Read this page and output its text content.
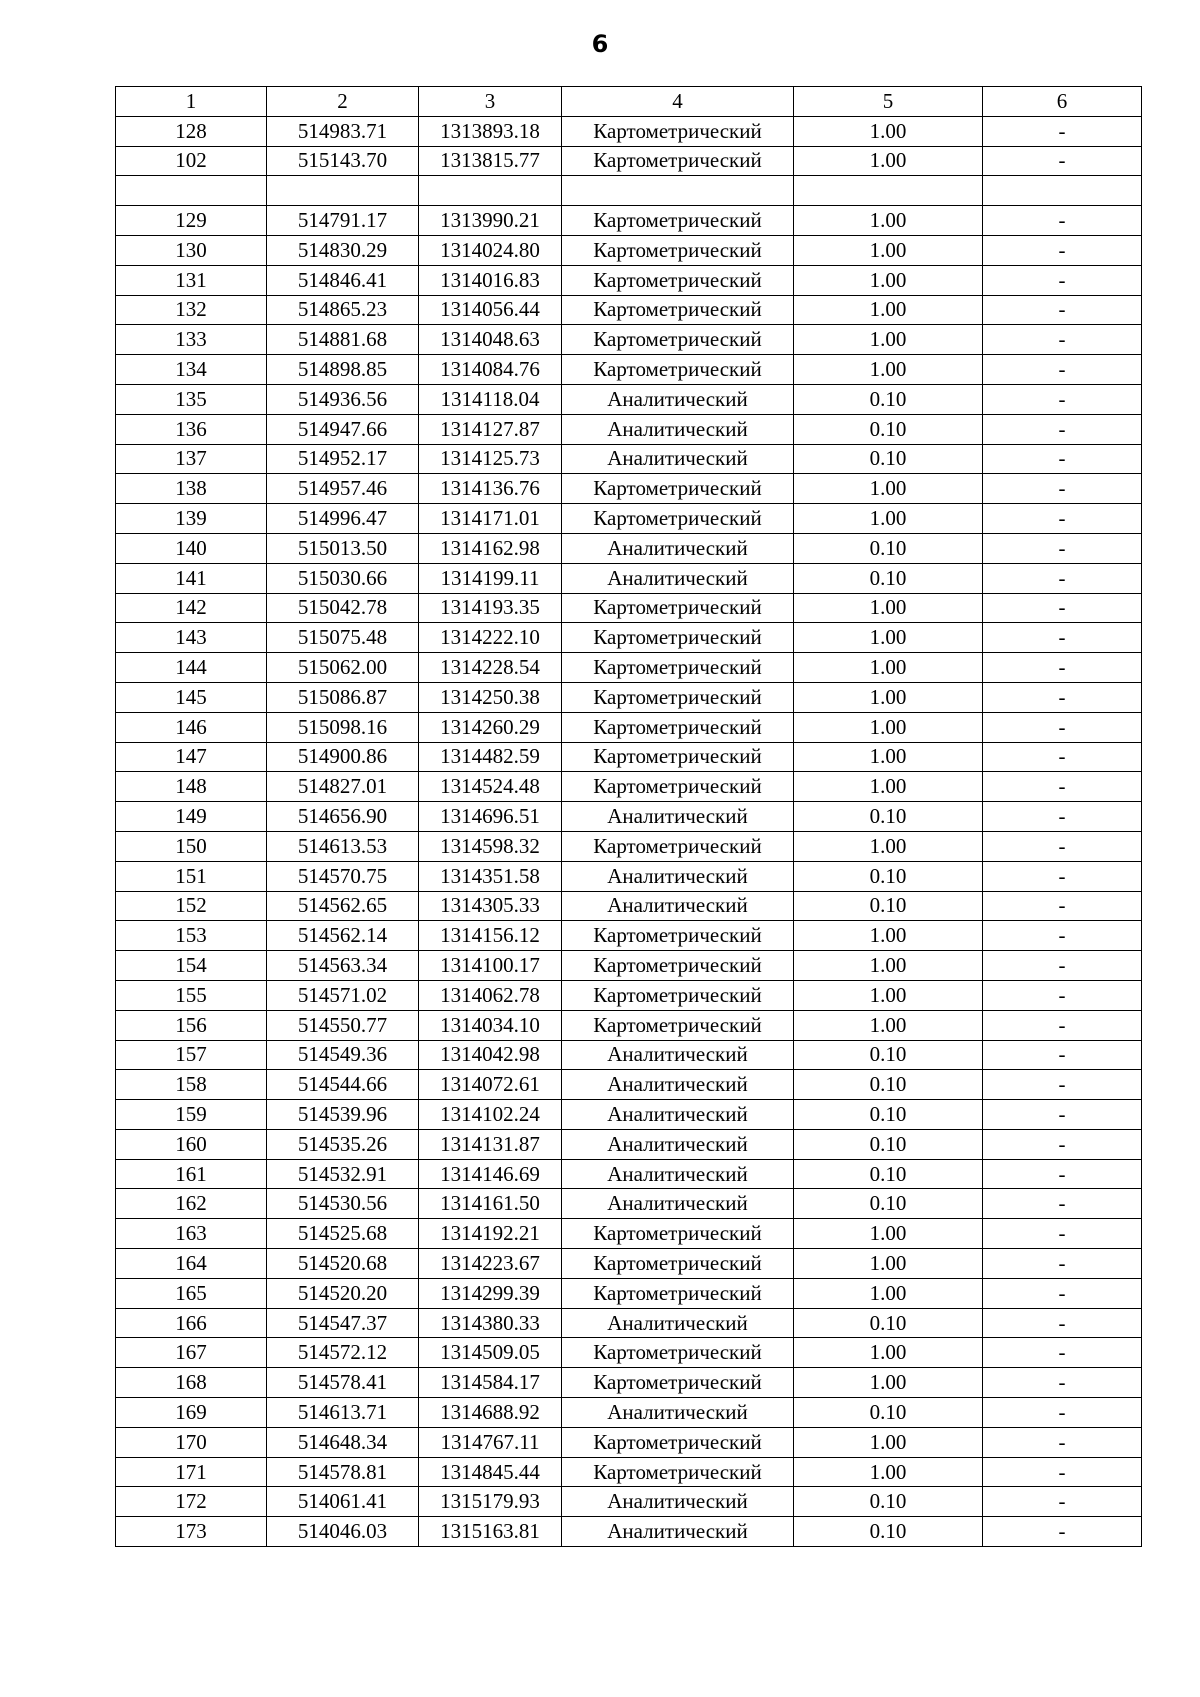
6
1	2	3	4	5	6
128	514983.71	1313893.18	Картометрический	1.00	-
102	515143.70	1313815.77	Картометрический	1.00	-

129	514791.17	1313990.21	Картометрический	1.00	-
130	514830.29	1314024.80	Картометрический	1.00	-
131	514846.41	1314016.83	Картометрический	1.00	-
132	514865.23	1314056.44	Картометрический	1.00	-
133	514881.68	1314048.63	Картометрический	1.00	-
134	514898.85	1314084.76	Картометрический	1.00	-
135	514936.56	1314118.04	Аналитический	0.10	-
136	514947.66	1314127.87	Аналитический	0.10	-
137	514952.17	1314125.73	Аналитический	0.10	-
138	514957.46	1314136.76	Картометрический	1.00	-
139	514996.47	1314171.01	Картометрический	1.00	-
140	515013.50	1314162.98	Аналитический	0.10	-
141	515030.66	1314199.11	Аналитический	0.10	-
142	515042.78	1314193.35	Картометрический	1.00	-
143	515075.48	1314222.10	Картометрический	1.00	-
144	515062.00	1314228.54	Картометрический	1.00	-
145	515086.87	1314250.38	Картометрический	1.00	-
146	515098.16	1314260.29	Картометрический	1.00	-
147	514900.86	1314482.59	Картометрический	1.00	-
148	514827.01	1314524.48	Картометрический	1.00	-
149	514656.90	1314696.51	Аналитический	0.10	-
150	514613.53	1314598.32	Картометрический	1.00	-
151	514570.75	1314351.58	Аналитический	0.10	-
152	514562.65	1314305.33	Аналитический	0.10	-
153	514562.14	1314156.12	Картометрический	1.00	-
154	514563.34	1314100.17	Картометрический	1.00	-
155	514571.02	1314062.78	Картометрический	1.00	-
156	514550.77	1314034.10	Картометрический	1.00	-
157	514549.36	1314042.98	Аналитический	0.10	-
158	514544.66	1314072.61	Аналитический	0.10	-
159	514539.96	1314102.24	Аналитический	0.10	-
160	514535.26	1314131.87	Аналитический	0.10	-
161	514532.91	1314146.69	Аналитический	0.10	-
162	514530.56	1314161.50	Аналитический	0.10	-
163	514525.68	1314192.21	Картометрический	1.00	-
164	514520.68	1314223.67	Картометрический	1.00	-
165	514520.20	1314299.39	Картометрический	1.00	-
166	514547.37	1314380.33	Аналитический	0.10	-
167	514572.12	1314509.05	Картометрический	1.00	-
168	514578.41	1314584.17	Картометрический	1.00	-
169	514613.71	1314688.92	Аналитический	0.10	-
170	514648.34	1314767.11	Картометрический	1.00	-
171	514578.81	1314845.44	Картометрический	1.00	-
172	514061.41	1315179.93	Аналитический	0.10	-
173	514046.03	1315163.81	Аналитический	0.10	-
